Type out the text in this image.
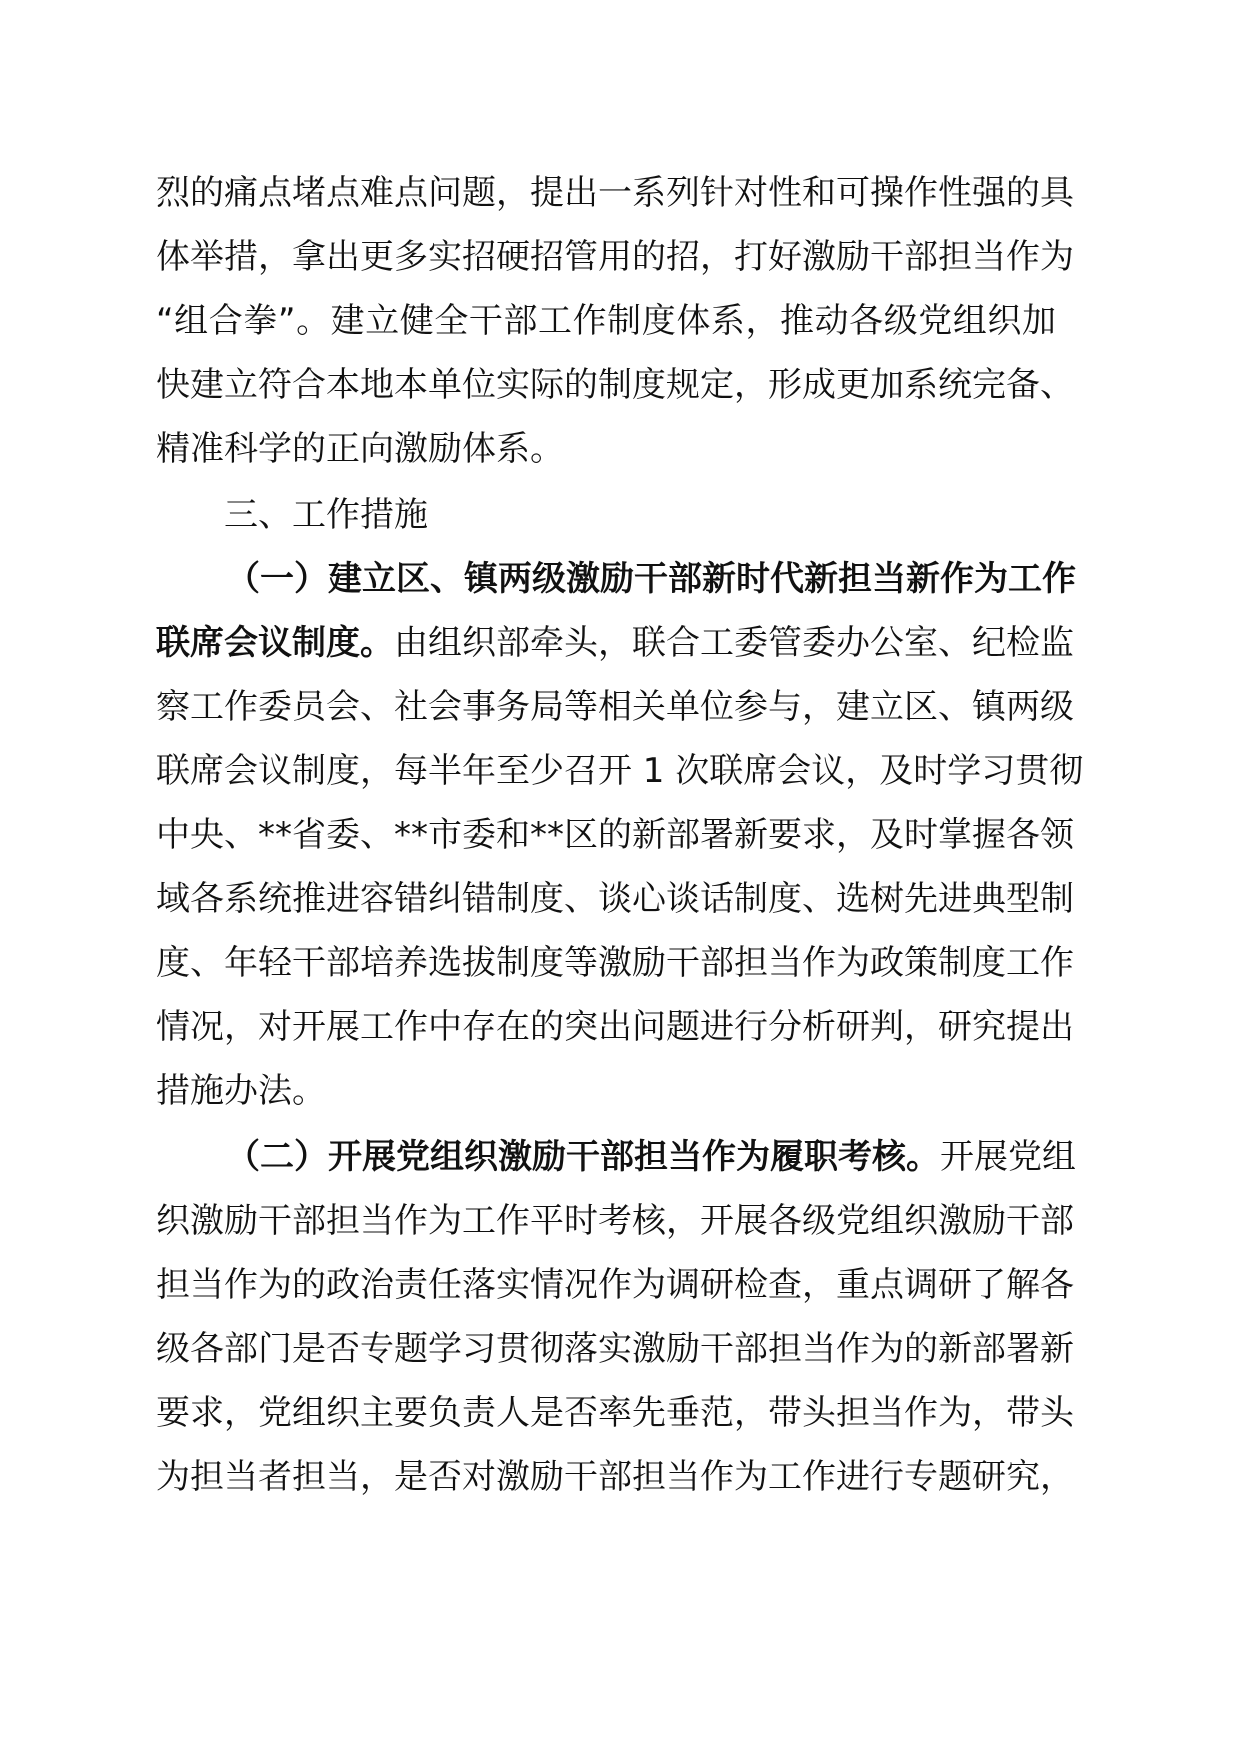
烈的痛点堵点难点问题，提出一系列针对性和可操作性强的具
体举措，拿出更多实招硬招管用的招，打好激励干部担当作为
“组合拳”。建立健全干部工作制度体系，推动各级党组织加
快建立符合本地本单位实际的制度规定，形成更加系统完备、
精准科学的正向激励体系。
三、工作措施
（一）建立区、镇两级激励干部新时代新担当新作为工作
联席会议制度。由组织部牵头，联合工委管委办公室、纪检监
察工作委员会、社会事务局等相关单位参与，建立区、镇两级
联席会议制度，每半年至少召开 1 次联席会议，及时学习贯彻
中央、**省委、**市委和**区的新部署新要求，及时掌握各领
域各系统推进容错纠错制度、谈心谈话制度、选树先进典型制
度、年轻干部培养选拔制度等激励干部担当作为政策制度工作
情况，对开展工作中存在的突出问题进行分析研判，研究提出
措施办法。
（二）开展党组织激励干部担当作为履职考核。开展党组
织激励干部担当作为工作平时考核，开展各级党组织激励干部
担当作为的政治责任落实情况作为调研检查，重点调研了解各
级各部门是否专题学习贯彻落实激励干部担当作为的新部署新
要求，党组织主要负责人是否率先垂范，带头担当作为，带头
为担当者担当，是否对激励干部担当作为工作进行专题研究，
